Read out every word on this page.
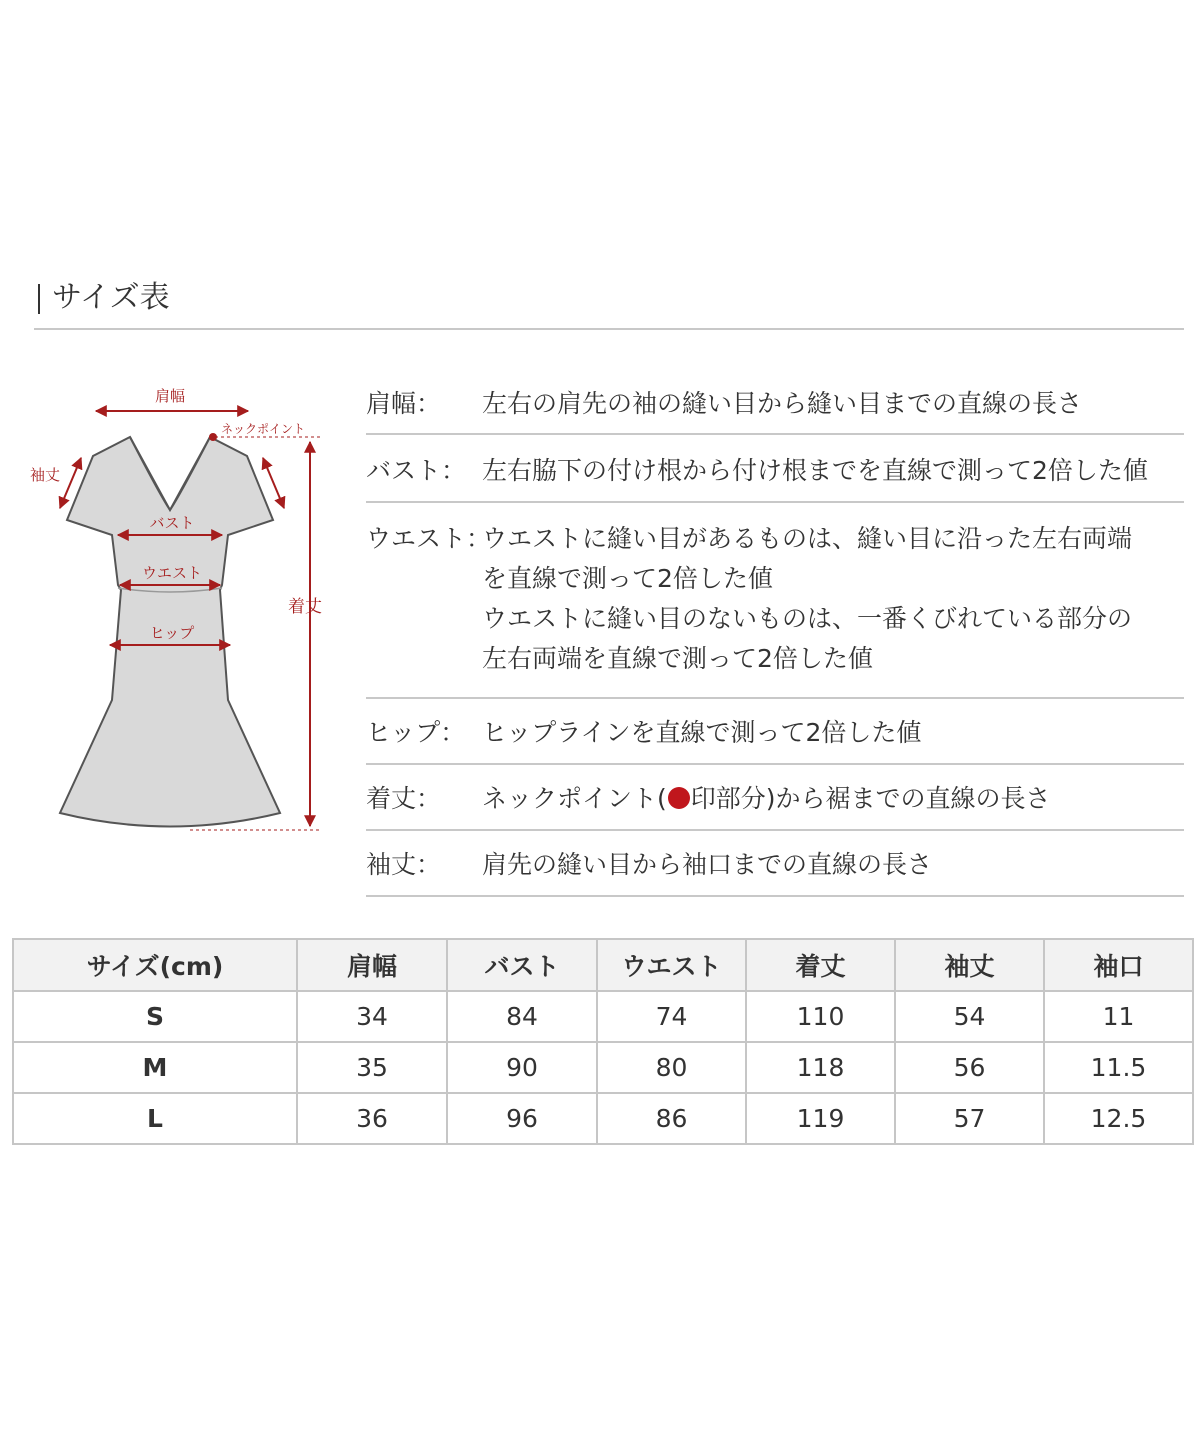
サイズ表
肩幅
ネックポイント
袖丈
バスト
ウエスト
ヒップ
着丈
肩幅： 左右の肩先の袖の縫い目から縫い目までの直線の長さ
バスト： 左右脇下の付け根から付け根までを直線で測って2倍した値
ウエスト：
ウエストに縫い目があるものは、縫い目に沿った左右両端
を直線で測って2倍した値
ウエストに縫い目のないものは、一番くびれている部分の
左右両端を直線で測って2倍した値
ヒップ： ヒップラインを直線で測って2倍した値
着丈： ネックポイント( 印部分)から裾までの直線の長さ
袖丈： 肩先の縫い目から袖口までの直線の長さ
サイズ(cm)	肩幅	バスト	ウエスト	着丈	袖丈	袖口
S	34	84	74	110	54	11
M	35	90	80	118	56	11.5
L	36	96	86	119	57	12.5
